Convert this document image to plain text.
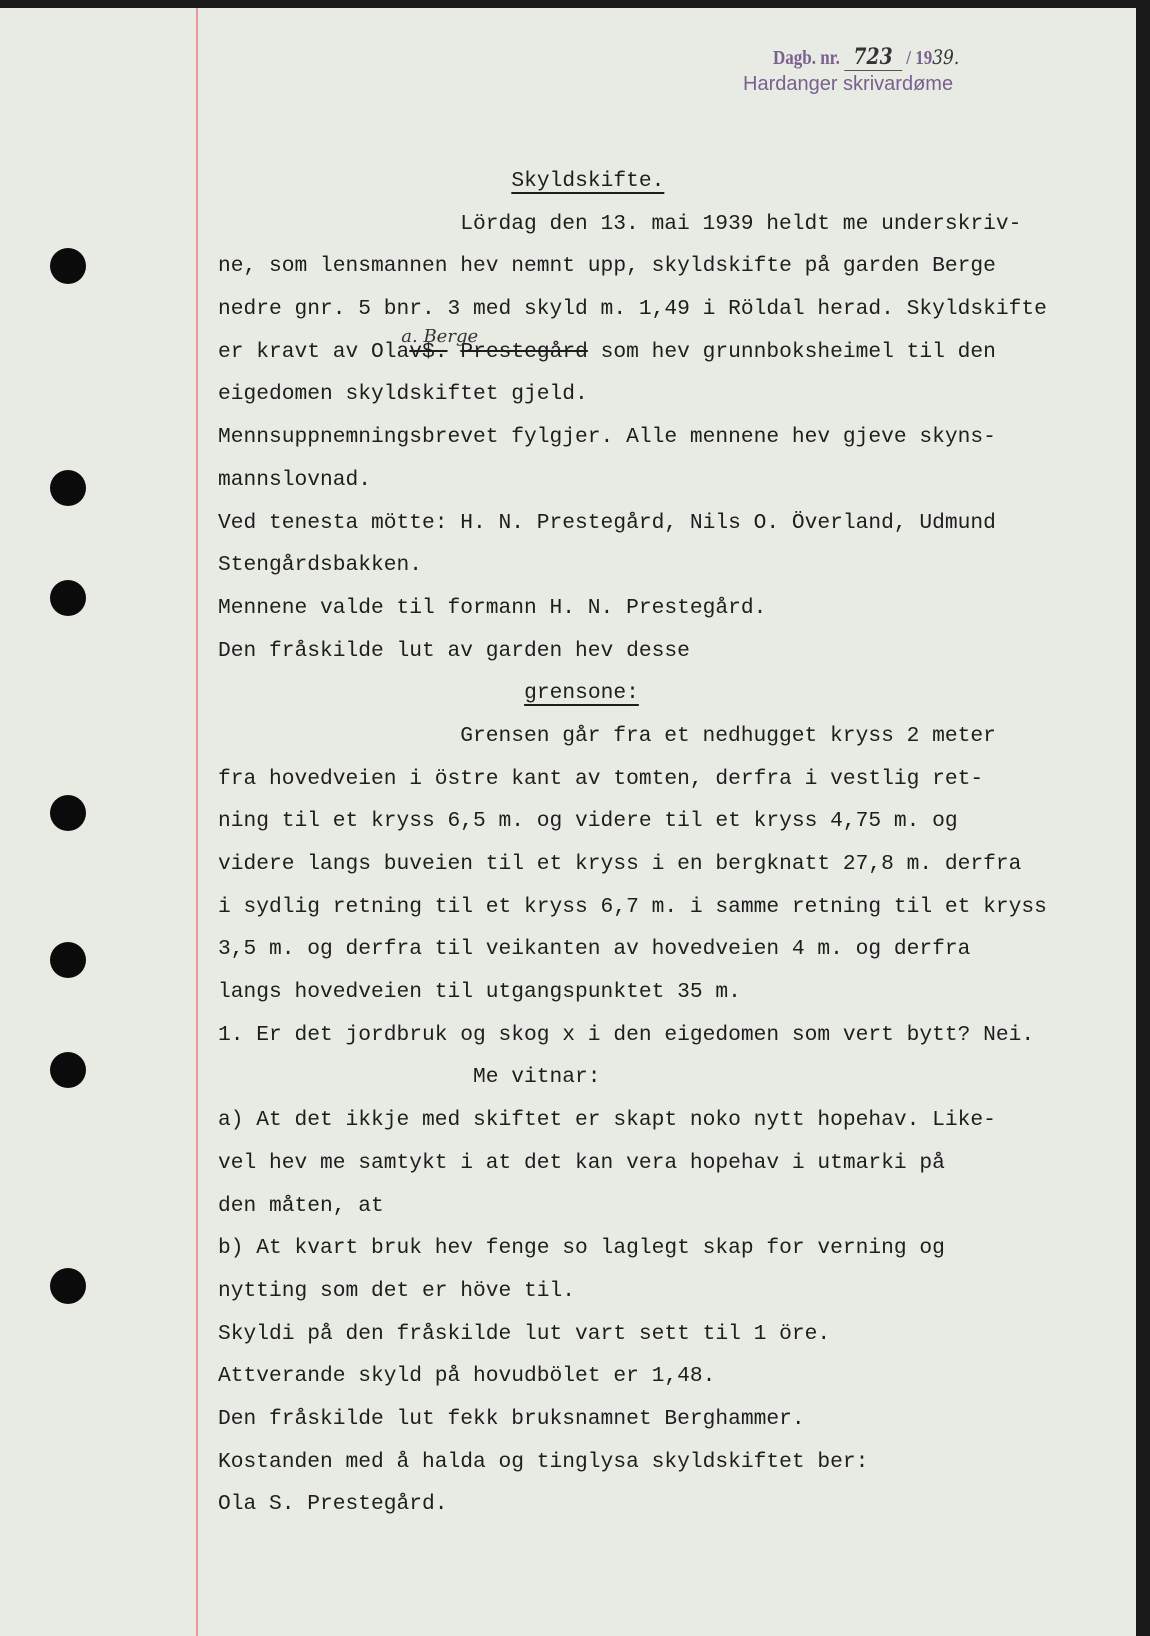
Dagb. nr. 723 / 1939.
Hardanger skrivardøme
Skyldskifte.
Lördag den 13. mai 1939 heldt me underskriv-
ne, som lensmannen hev nemnt upp, skyldskifte på garden Berge
nedre gnr. 5 bnr. 3 med skyld m. 1,49 i Röldal herad. Skyldskifte
er kravt av Ola
a. Berge
v$. Prestegård som hev grunnboksheimel til den
eigedomen skyldskiftet gjeld.
Mennsuppnemningsbrevet fylgjer. Alle mennene hev gjeve skyns-
mannslovnad.
Ved tenesta mötte: H. N. Prestegård, Nils O. Överland, Udmund
Stengårdsbakken.
Mennene valde til formann H. N. Prestegård.
Den fråskilde lut av garden hev desse
grensone:
Grensen går fra et nedhugget kryss 2 meter
fra hovedveien i östre kant av tomten, derfra i vestlig ret-
ning til et kryss 6,5 m. og videre til et kryss 4,75 m. og
videre langs buveien til et kryss i en bergknatt 27,8 m. derfra
i sydlig retning til et kryss 6,7 m. i samme retning til et kryss
3,5 m. og derfra til veikanten av hovedveien 4 m. og derfra
langs hovedveien til utgangspunktet 35 m.
1. Er det jordbruk og skog x i den eigedomen som vert bytt? Nei.
Me vitnar:
a) At det ikkje med skiftet er skapt noko nytt hopehav. Like-
vel hev me samtykt i at det kan vera hopehav i utmarki på
den måten, at
b) At kvart bruk hev fenge so laglegt skap for verning og
nytting som det er höve til.
Skyldi på den fråskilde lut vart sett til 1 öre.
Attverande skyld på hovudbölet er 1,48.
Den fråskilde lut fekk bruksnamnet Berghammer.
Kostanden med å halda og tinglysa skyldskiftet ber:
Ola S. Prestegård.
